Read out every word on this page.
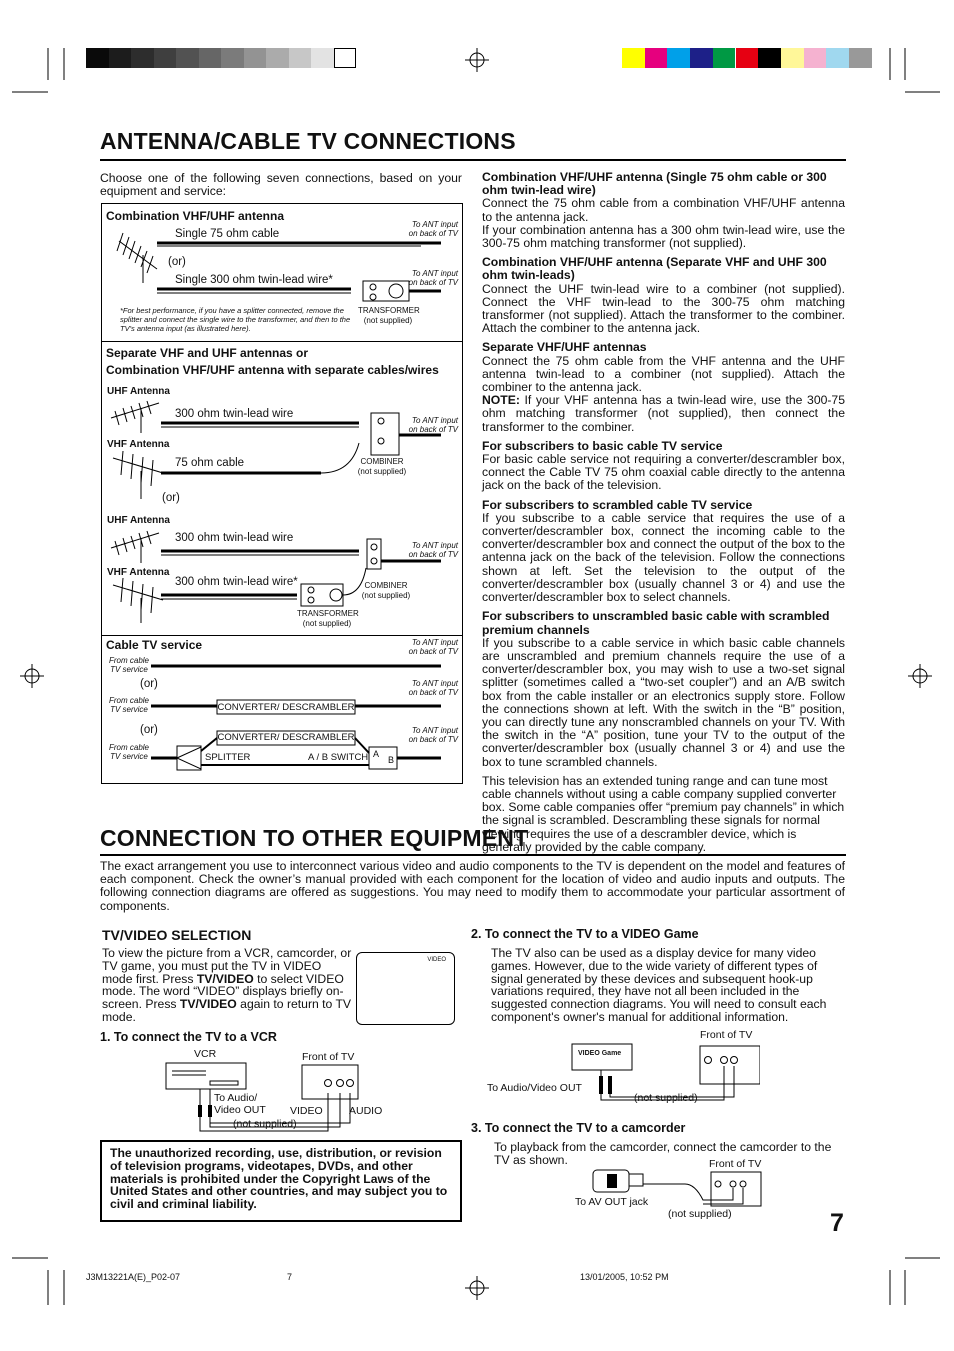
ANTENNA/CABLE TV CONNECTIONS
Choose one of the following seven connections, based on your equipment and service:
Combination VHF/UHF antenna
Single 75 ohm cable
(or)
Single 300 ohm twin-lead wire*
To ANT input
on back of TV
To ANT input
on back of TV
*For best performance, if you have a splitter connected, remove the splitter and connect the single wire to the transformer, and then to the TV's antenna input (as illustrated here).
TRANSFORMER
(not supplied)
Separate VHF and UHF antennas or
Combination VHF/UHF antenna with separate cables/wires
UHF Antenna
VHF Antenna
300 ohm twin-lead wire
75 ohm cable
To ANT input
on back of TV
COMBINER
(not supplied)
(or)
UHF Antenna
VHF Antenna
300 ohm twin-lead wire
300 ohm twin-lead wire*
To ANT input
on back of TV
COMBINER
(not supplied)
TRANSFORMER
(not supplied)
Cable TV service	To ANT input
on back of TV
From cable
TV service
(or)	To ANT input
on back of TV
From cable
TV service	CONVERTER/ DESCRAMBLER
(or)	To ANT input
on back of TV
CONVERTER/ DESCRAMBLER
From cable
TV service	SPLITTER	A / B SWITCH A
B
Combination VHF/UHF antenna (Single 75 ohm cable or 300 ohm twin-lead wire)
Connect the 75 ohm cable from a combination VHF/UHF antenna to the antenna jack.
If your combination antenna has a 300 ohm twin-lead wire, use the 300-75 ohm matching transformer (not supplied).
Combination VHF/UHF antenna (Separate VHF and UHF 300 ohm twin-leads)
Connect the UHF twin-lead wire to a combiner (not supplied). Connect the VHF twin-lead to the 300-75 ohm matching transformer (not supplied). Attach the transformer to the combiner. Attach the combiner to the antenna jack.
Separate VHF/UHF antennas
Connect the 75 ohm cable from the VHF antenna and the UHF antenna twin-lead to a combiner (not supplied). Attach the combiner to the antenna jack.
NOTE: If your VHF antenna has a twin-lead wire, use the 300-75 ohm matching transformer (not supplied), then connect the transformer to the combiner.
For subscribers to basic cable TV service
For basic cable service not requiring a converter/descrambler box, connect the Cable TV 75 ohm coaxial cable directly to the antenna jack on the back of the television.
For subscribers to scrambled cable TV service
If you subscribe to a cable service that requires the use of a converter/descrambler box, connect the incoming cable to the converter/descrambler box and connect the output of the box to the antenna jack on the back of the television. Follow the connections shown at left. Set the television to the output of the converter/descrambler box (usually channel 3 or 4) and use the converter/descrambler box to select channels.
For subscribers to unscrambled basic cable with scrambled premium channels
If you subscribe to a cable service in which basic cable channels are unscrambled and premium channels require the use of a converter/descrambler box, you may wish to use a two-set signal splitter (sometimes called a “two-set coupler”) and an A/B switch box from the cable installer or an electronics supply store. Follow the connections shown at left. With the switch in the “B” position, you can directly tune any nonscrambled channels on your TV. With the switch in the “A” position, tune your TV to the output of the converter/descrambler box (usually channel 3 or 4) and use the box to tune scrambled channels.
This television has an extended tuning range and can tune most cable channels without using a cable company supplied converter box. Some cable companies offer “premium pay channels” in which the signal is scrambled. Descrambling these signals for normal viewing requires the use of a descrambler device, which is generally provided by the cable company.
CONNECTION TO OTHER EQUIPMENT
The exact arrangement you use to interconnect various video and audio components to the TV is dependent on the model and features of each component. Check the owner’s manual provided with each component for the location of video and audio inputs and outputs. The following connection diagrams are offered as suggestions. You may need to modify them to accommodate your particular assortment of components.
TV/VIDEO SELECTION
To view the picture from a VCR, camcorder, or TV game, you must put the TV in VIDEO mode first. Press TV/VIDEO to select VIDEO mode. The word “VIDEO” displays briefly on-screen. Press TV/VIDEO again to return to TV mode.
VIDEO
1. To connect the TV to a VCR
VCR	Front of TV
To Audio/
Video OUT VIDEO	AUDIO
(not supplied)
The unauthorized recording, use, distribution, or revision of television programs, videotapes, DVDs, and other materials is prohibited under the Copyright Laws of the United States and other countries, and may subject you to civil and criminal liability.
2. To connect the TV to a VIDEO Game
The TV also can be used as a display device for many video games. However, due to the wide variety of different types of signal generated by these devices and subsequent hook-up variations required, they have not all been included in the suggested connection diagrams. You will need to consult each component's owner's manual for additional information.
Front of TV
VIDEO Game
To Audio/Video OUT
(not supplied)
3. To connect the TV to a camcorder
To playback from the camcorder, connect the camcorder to the TV as shown.	Front of TV
To AV OUT jack
(not supplied)	7
J3M13221A(E)_P02-07	7	13/01/2005, 10:52 PM
